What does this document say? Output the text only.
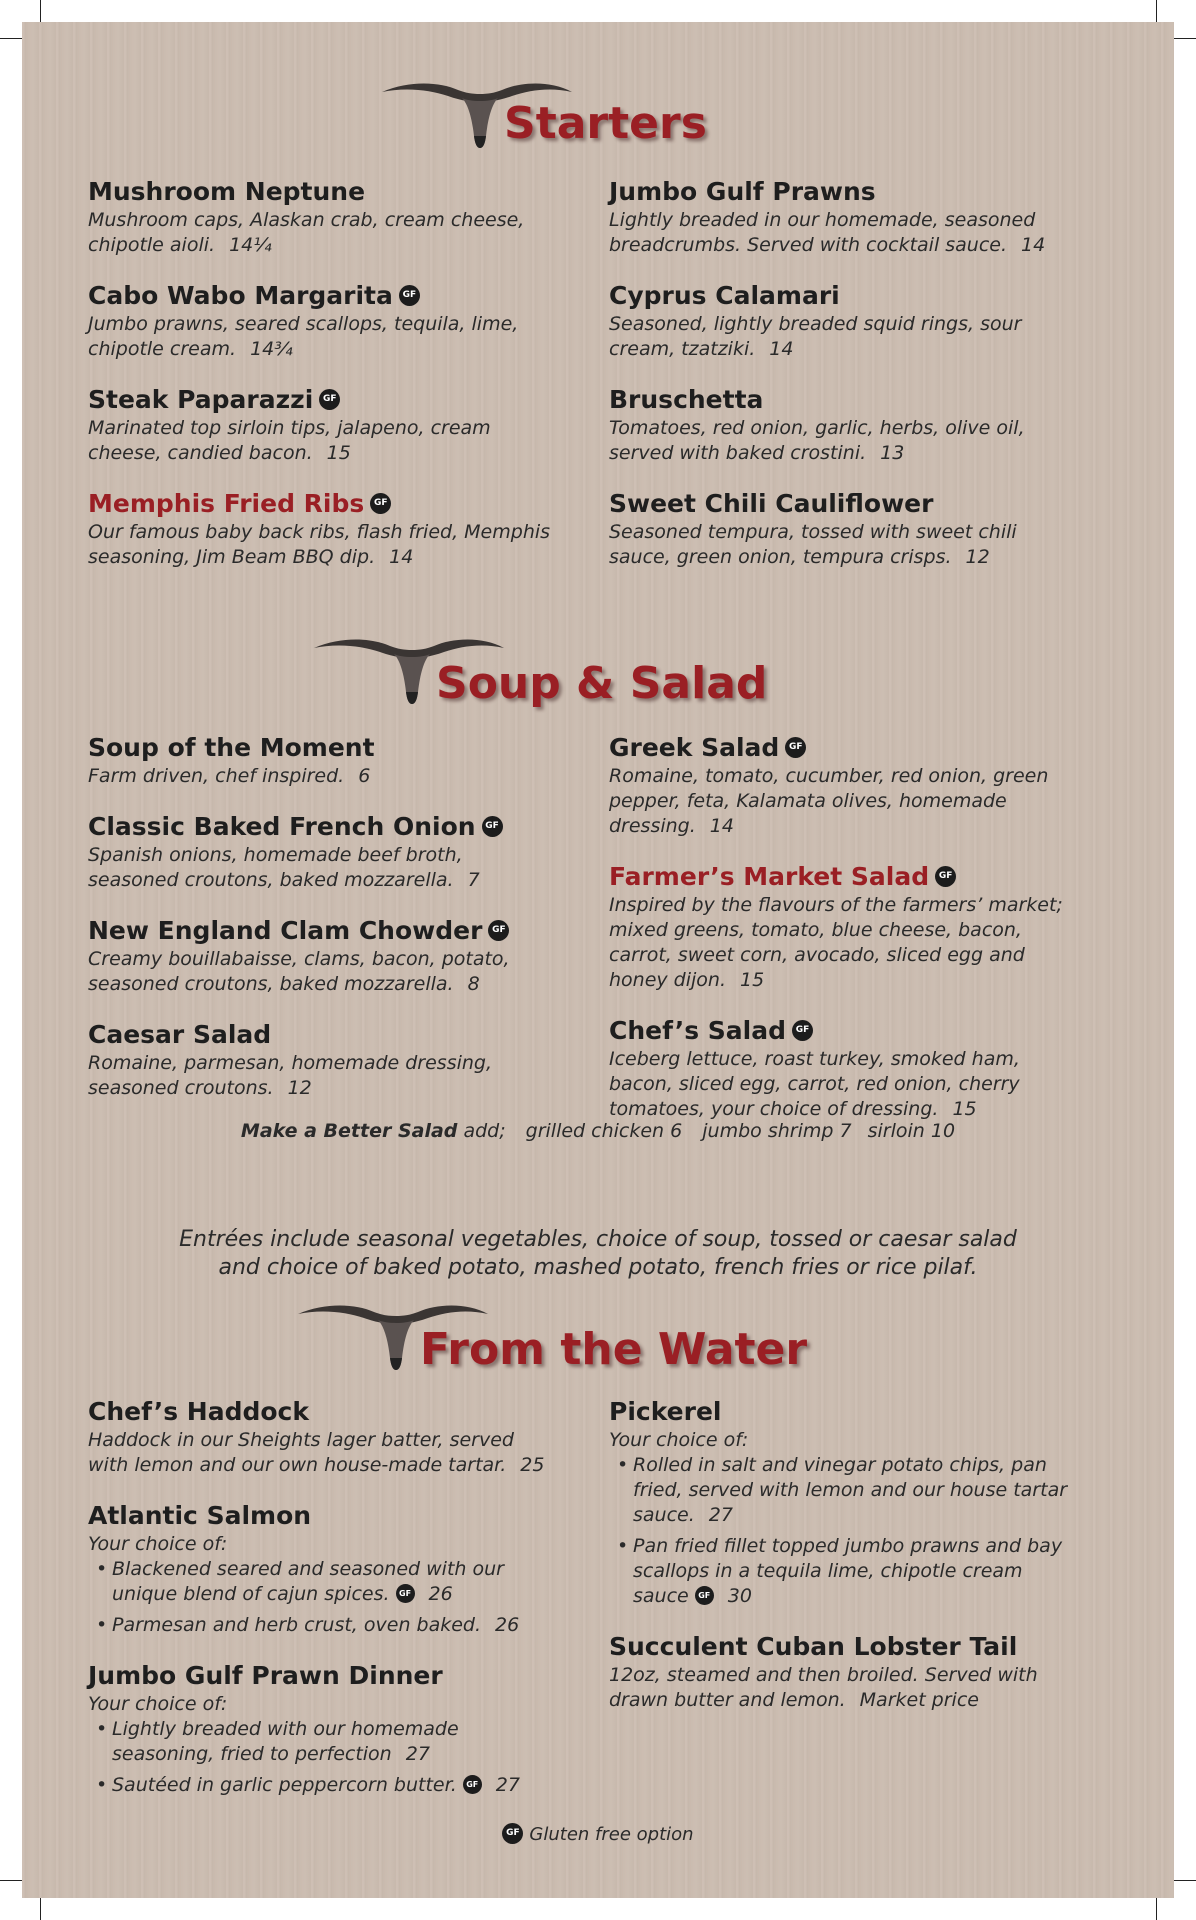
Starters
Mushroom Neptune
Mushroom caps, Alaskan crab, cream cheese, chipotle aioli. 14¼
Cabo Wabo Margarita GF
Jumbo prawns, seared scallops, tequila, lime, chipotle cream. 14¾
Steak Paparazzi GF
Marinated top sirloin tips, jalapeno, cream cheese, candied bacon. 15
Memphis Fried Ribs GF
Our famous baby back ribs, flash fried, Memphis seasoning, Jim Beam BBQ dip. 14
Jumbo Gulf Prawns
Lightly breaded in our homemade, seasoned breadcrumbs. Served with cocktail sauce. 14
Cyprus Calamari
Seasoned, lightly breaded squid rings, sour cream, tzatziki. 14
Bruschetta
Tomatoes, red onion, garlic, herbs, olive oil, served with baked crostini. 13
Sweet Chili Cauliflower
Seasoned tempura, tossed with sweet chili sauce, green onion, tempura crisps. 12
Soup & Salad
Soup of the Moment
Farm driven, chef inspired. 6
Classic Baked French Onion GF
Spanish onions, homemade beef broth, seasoned croutons, baked mozzarella. 7
New England Clam Chowder GF
Creamy bouillabaisse, clams, bacon, potato, seasoned croutons, baked mozzarella. 8
Caesar Salad
Romaine, parmesan, homemade dressing, seasoned croutons. 12
Greek Salad GF
Romaine, tomato, cucumber, red onion, green pepper, feta, Kalamata olives, homemade dressing. 14
Farmer’s Market Salad GF
Inspired by the flavours of the farmers’ market; mixed greens, tomato, blue cheese, bacon, carrot, sweet corn, avocado, sliced egg and honey dijon. 15
Chef’s Salad GF
Iceberg lettuce, roast turkey, smoked ham, bacon, sliced egg, carrot, red onion, cherry tomatoes, your choice of dressing. 15
Make a Better Salad add; grilled chicken 6 jumbo shrimp 7 sirloin 10
Entrées include seasonal vegetables, choice of soup, tossed or caesar salad
and choice of baked potato, mashed potato, french fries or rice pilaf.
From the Water
Chef’s Haddock
Haddock in our Sheights lager batter, served with lemon and our own house-made tartar. 25
Atlantic Salmon
Your choice of:
• Blackened seared and seasoned with our unique blend of cajun spices. GF 26
• Parmesan and herb crust, oven baked. 26
Jumbo Gulf Prawn Dinner
Your choice of:
• Lightly breaded with our homemade seasoning, fried to perfection 27
• Sautéed in garlic peppercorn butter. GF 27
Pickerel
Your choice of:
• Rolled in salt and vinegar potato chips, pan fried, served with lemon and our house tartar sauce. 27
• Pan fried fillet topped jumbo prawns and bay scallops in a tequila lime, chipotle cream sauce GF 30
Succulent Cuban Lobster Tail
12oz, steamed and then broiled. Served with drawn butter and lemon. Market price
GF Gluten free option
